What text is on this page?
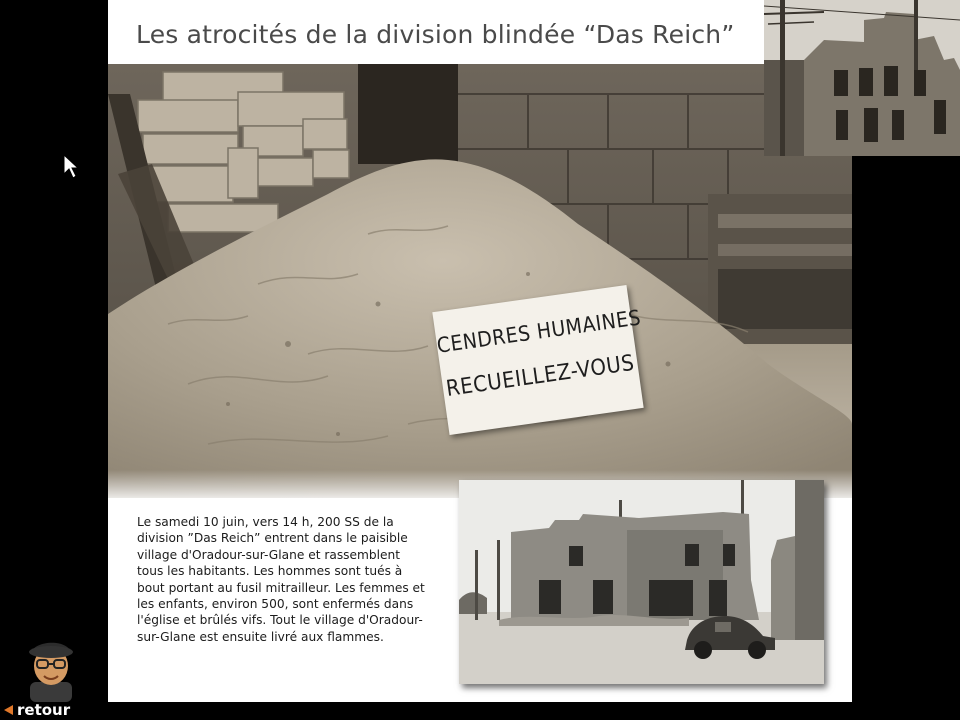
Les atrocités de la division blindée “Das Reich”
CENDRES HUMAINES
RECUEILLEZ-VOUS
Le samedi 10 juin, vers 14 h, 200 SS de la division ”Das Reich” entrent dans le paisible village d'Oradour-sur-Glane et rassemblent tous les habitants. Les hommes sont tués à bout portant au fusil mitrailleur. Les femmes et les enfants, environ 500, sont enfermés dans l'église et brûlés vifs. Tout le village d'Oradour-sur-Glane est ensuite livré aux flammes.
retour
